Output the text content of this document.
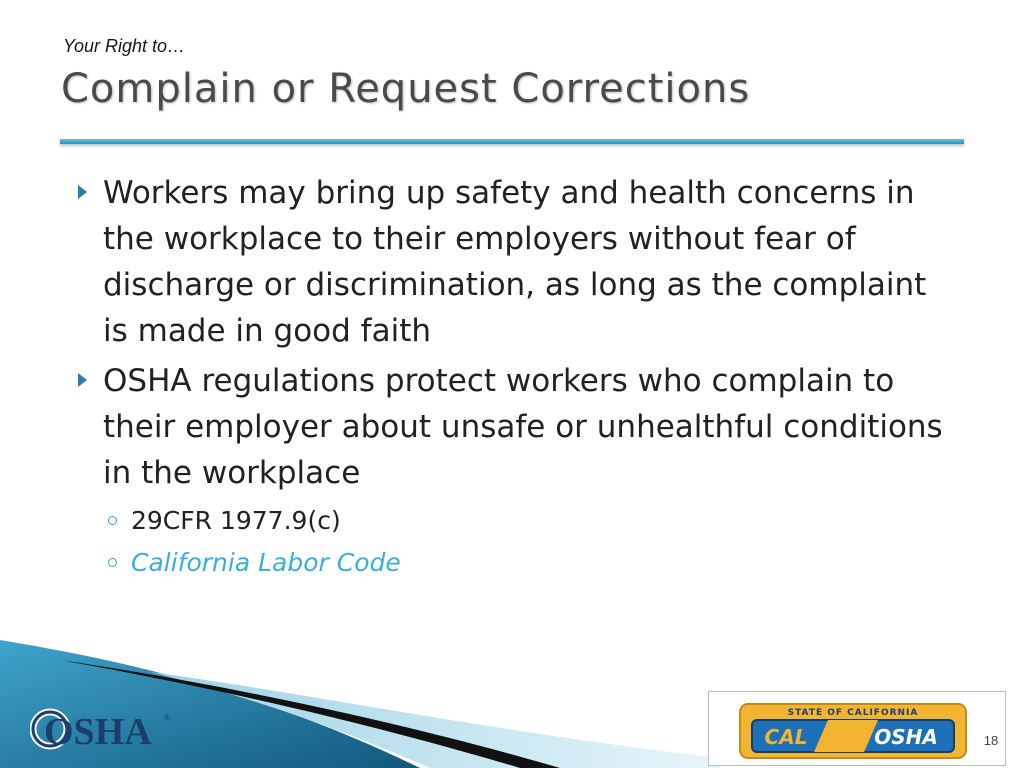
Your Right to…
Complain or Request Corrections
Workers may bring up safety and health concerns in the workplace to their employers without fear of discharge or discrimination, as long as the complaint is made in good faith
OSHA regulations protect workers who complain to their employer about unsafe or unhealthful conditions in the workplace
29CFR 1977.9(c)
California Labor Code
OSHA ®	STATE OF CALIFORNIA
CAL	OSHA	18
